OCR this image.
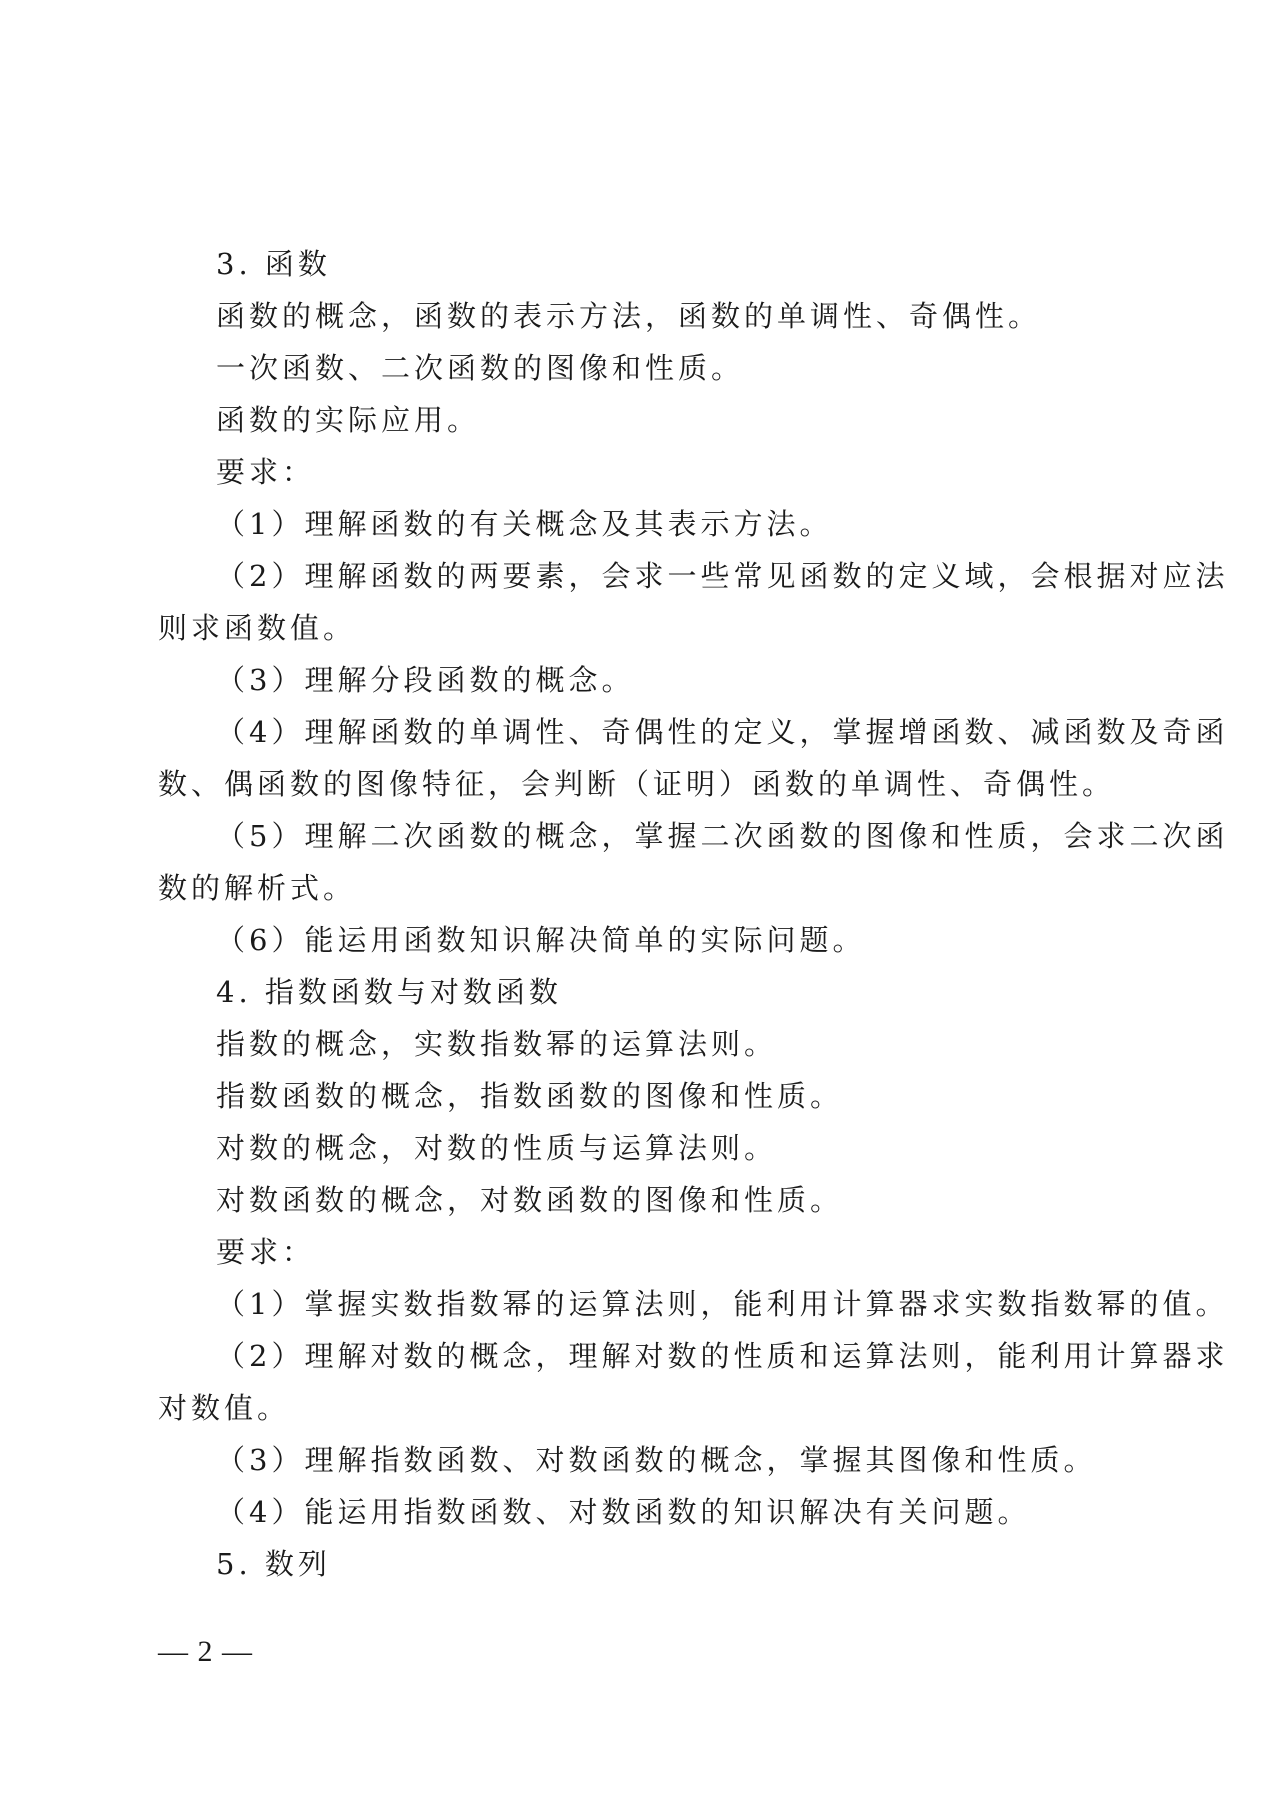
3. 函数
函数的概念，函数的表示方法，函数的单调性、奇偶性。
一次函数、二次函数的图像和性质。
函数的实际应用。
要求：
（1）理解函数的有关概念及其表示方法。
（2）理解函数的两要素，会求一些常见函数的定义域，会根据对应法
则求函数值。
（3）理解分段函数的概念。
（4）理解函数的单调性、奇偶性的定义，掌握增函数、减函数及奇函
数、偶函数的图像特征，会判断（证明）函数的单调性、奇偶性。
（5）理解二次函数的概念，掌握二次函数的图像和性质，会求二次函
数的解析式。
（6）能运用函数知识解决简单的实际问题。
4. 指数函数与对数函数
指数的概念，实数指数幂的运算法则。
指数函数的概念，指数函数的图像和性质。
对数的概念，对数的性质与运算法则。
对数函数的概念，对数函数的图像和性质。
要求：
（1）掌握实数指数幂的运算法则，能利用计算器求实数指数幂的值。
（2）理解对数的概念，理解对数的性质和运算法则，能利用计算器求
对数值。
（3）理解指数函数、对数函数的概念，掌握其图像和性质。
（4）能运用指数函数、对数函数的知识解决有关问题。
5. 数列
— 2 —
